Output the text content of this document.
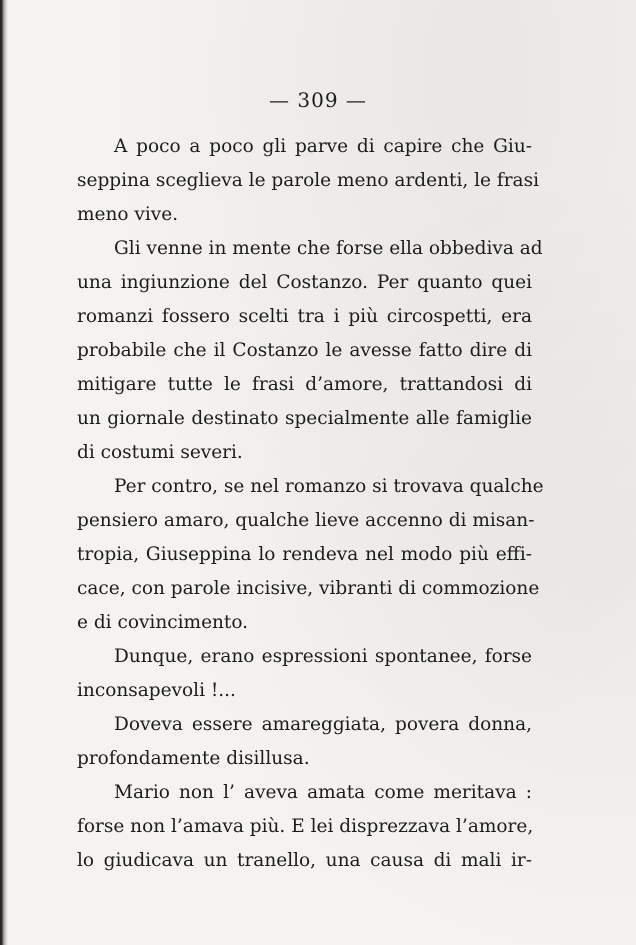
— 309 —
A poco a poco gli parve di capire che Giu-
seppina sceglieva le parole meno ardenti, le frasi
meno vive.
Gli venne in mente che forse ella obbediva ad
una ingiunzione del Costanzo. Per quanto quei
romanzi fossero scelti tra i più circospetti, era
probabile che il Costanzo le avesse fatto dire di
mitigare tutte le frasi d’amore, trattandosi di
un giornale destinato specialmente alle famiglie
di costumi severi.
Per contro, se nel romanzo si trovava qualche
pensiero amaro, qualche lieve accenno di misan-
tropia, Giuseppina lo rendeva nel modo più effi-
cace, con parole incisive, vibranti di commozione
e di covincimento.
Dunque, erano espressioni spontanee, forse
inconsapevoli !...
Doveva essere amareggiata, povera donna,
profondamente disillusa.
Mario non l’ aveva amata come meritava :
forse non l’amava più. E lei disprezzava l’amore,
lo giudicava un tranello, una causa di mali ir-
